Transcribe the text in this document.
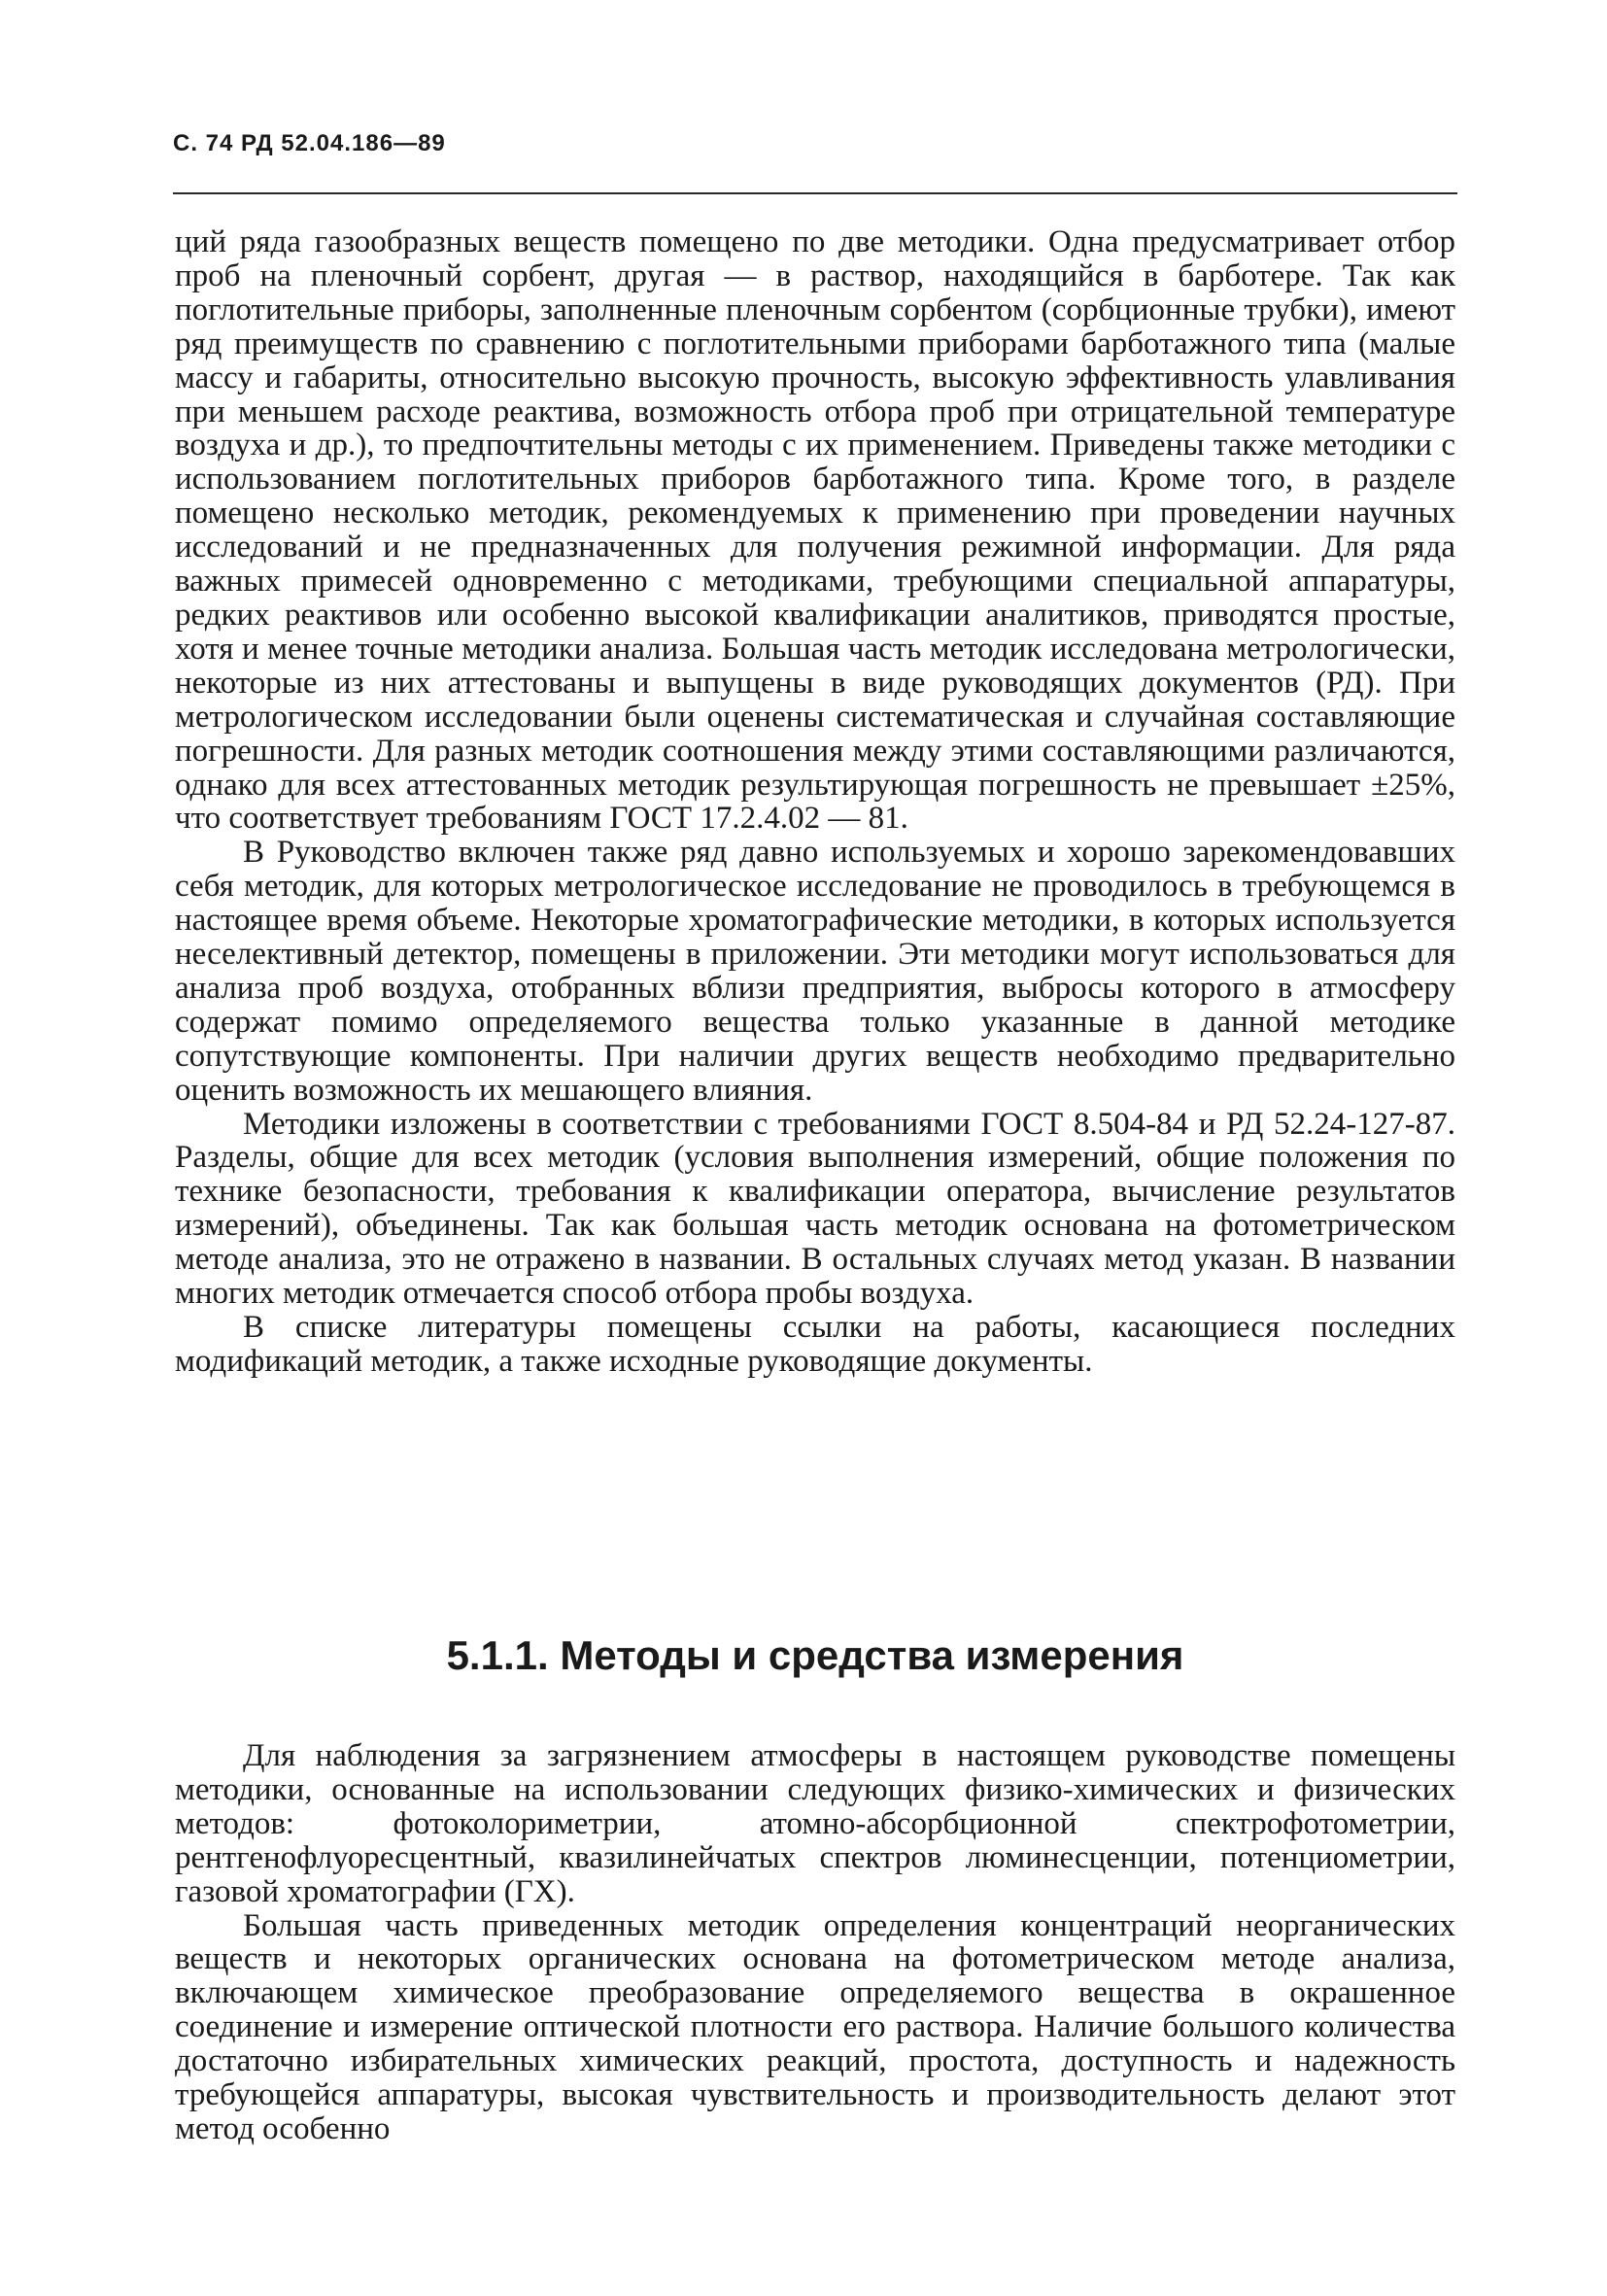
С. 74 РД 52.04.186—89

ций ряда газообразных веществ помещено по две методики. Одна предусматривает отбор проб на пленочный сорбент, другая — в раствор, находящийся в барботере. Так как поглотительные приборы, заполненные пленочным сорбентом (сорбционные трубки), имеют ряд преимуществ по сравнению с поглотительными приборами барботажного типа (малые массу и габариты, относительно высокую прочность, высокую эффективность улавливания при меньшем расходе реактива, возможность отбора проб при отрицательной температуре воздуха и др.), то предпочтительны методы с их применением. Приведены также методики с использованием поглотительных приборов барботажного типа. Кроме того, в разделе помещено несколько методик, рекомендуемых к применению при проведении научных исследований и не предназначенных для получения режимной информации. Для ряда важных примесей одновременно с методиками, требующими специальной аппаратуры, редких реактивов или особенно высокой квалификации аналитиков, приводятся простые, хотя и менее точные методики анализа. Большая часть методик исследована метрологически, некоторые из них аттестованы и выпущены в виде руководящих документов (РД). При метрологическом исследовании были оценены систематическая и случайная составляющие погрешности. Для разных методик соотношения между этими составляющими различаются, однако для всех аттестованных методик результирующая погрешность не превышает ±25%, что соответствует требованиям ГОСТ 17.2.4.02 — 81.

В Руководство включен также ряд давно используемых и хорошо зарекомендовавших себя методик, для которых метрологическое исследование не проводилось в требующемся в настоящее время объеме. Некоторые хроматографические методики, в которых используется неселективный детектор, помещены в приложении. Эти методики могут использоваться для анализа проб воздуха, отобранных вблизи предприятия, выбросы которого в атмосферу содержат помимо определяемого вещества только указанные в данной методике сопутствующие компоненты. При наличии других веществ необходимо предварительно оценить возможность их мешающего влияния.

Методики изложены в соответствии с требованиями ГОСТ 8.504-84 и РД 52.24-127-87. Разделы, общие для всех методик (условия выполнения измерений, общие положения по технике безопасности, требования к квалификации оператора, вычисление результатов измерений), объединены. Так как большая часть методик основана на фотометрическом методе анализа, это не отражено в названии. В остальных случаях метод указан. В названии многих методик отмечается способ отбора пробы воздуха.

В списке литературы помещены ссылки на работы, касающиеся последних модификаций методик, а также исходные руководящие документы.

5.1.1. Методы и средства измерения

Для наблюдения за загрязнением атмосферы в настоящем руководстве помещены методики, основанные на использовании следующих физико-химических и физических методов: фотоколориметрии, атомно-абсорбционной спектрофотометрии, рентгенофлуоресцентный, квазилинейчатых спектров люминесценции, потенциометрии, газовой хроматографии (ГХ).

Большая часть приведенных методик определения концентраций неорганических веществ и некоторых органических основана на фотометрическом методе анализа, включающем химическое преобразование определяемого вещества в окрашенное соединение и измерение оптической плотности его раствора. Наличие большого количества достаточно избирательных химических реакций, простота, доступность и надежность требующейся аппаратуры, высокая чувствительность и производительность делают этот метод особенно
